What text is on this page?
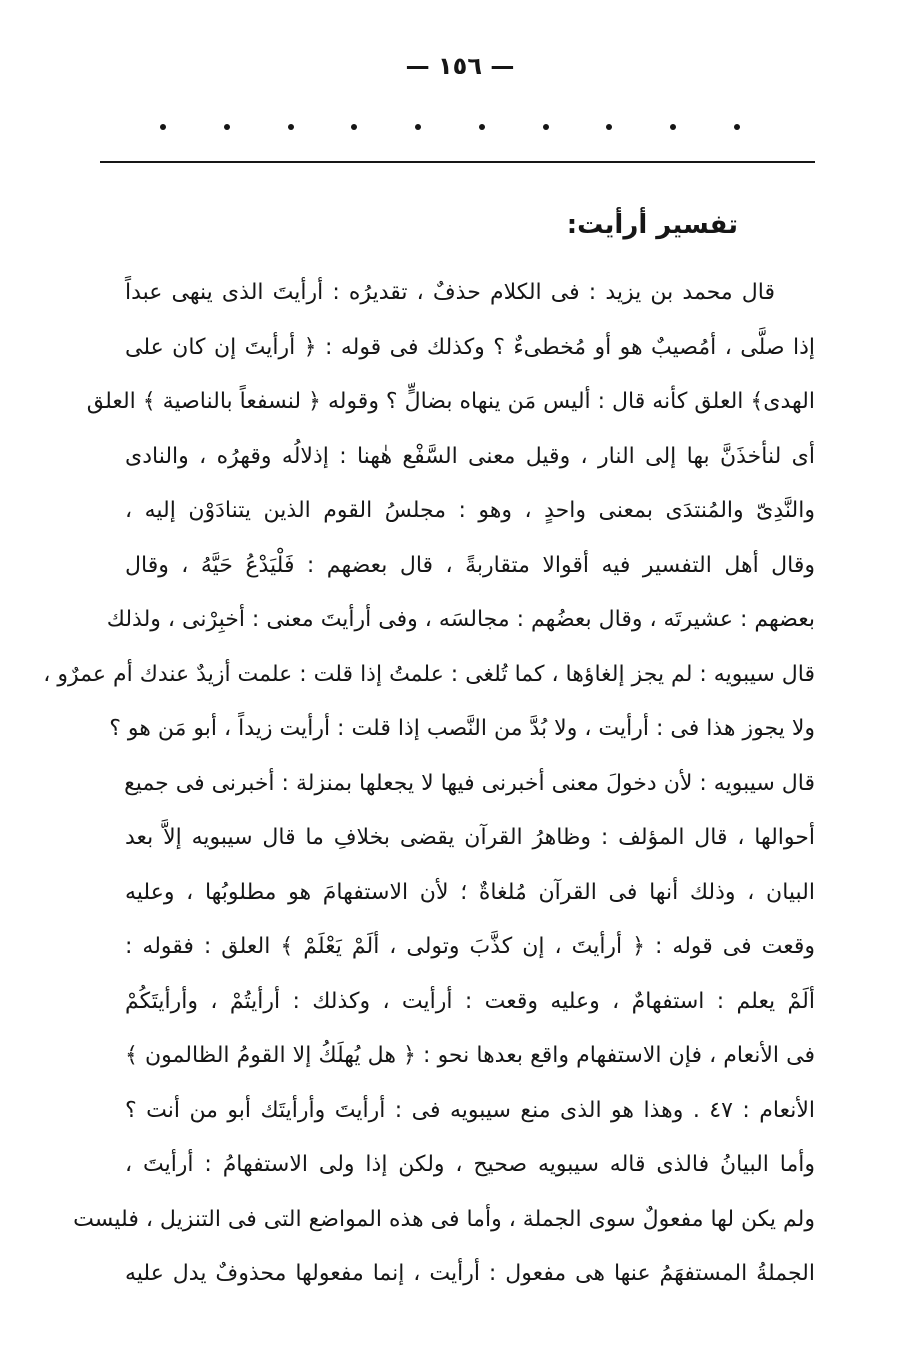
— ١٥٦ —
تفسير أرأيت:
قال محمد بن يزيد : فى الكلام حذفٌ ، تقديرُه : أرأيتَ الذى ينهى عبداً
إذا صلَّى ، أمُصيبٌ هو أو مُخطىءٌ ؟ وكذلك فى قوله : ﴿ أرأيتَ إن كان على
الهدى﴾ العلق كأنه قال : أليس مَن ينهاه بضالٍّ ؟ وقوله ﴿ لنسفعاً بالناصية ﴾ العلق
أى لنأخذَنَّ بها إلى النار ، وقيل معنى السَّفْع هٰهنا : إذلالُه وقهرُه ، والنادى
والنَّدِىّ والمُنتدَى بمعنى واحدٍ ، وهو : مجلسُ القوم الذين يتنادَوْن إليه ،
وقال أهل التفسير فيه أقوالا متقاربةً ، قال بعضهم : فَلْيَدْعُ حَيَّهُ ، وقال
بعضهم : عشيرتَه ، وقال بعضُهم : مجالسَه ، وفى أرأيتَ معنى : أخبِرْنى ، ولذلك
قال سيبويه : لم يجز إلغاؤها ، كما تُلغى : علمتُ إذا قلت : علمت أزيدٌ عندك أم عمرٌو ،
ولا يجوز هذا فى : أرأيت ، ولا بُدَّ من النَّصب إذا قلت : أرأيت زيداً ، أبو مَن هو ؟
قال سيبويه : لأن دخولَ معنى أخبرنى فيها لا يجعلها بمنزلة : أخبرنى فى جميع
أحوالها ، قال المؤلف : وظاهرُ القرآن يقضى بخلافِ ما قال سيبويه إلاَّ بعد
البيان ، وذلك أنها فى القرآن مُلغاةٌ ؛ لأن الاستفهامَ هو مطلوبُها ، وعليه
وقعت فى قوله : ﴿ أرأيتَ ، إن كذَّبَ وتولى ، ألَمْ يَعْلَمْ ﴾ العلق : فقوله :
ألَمْ يعلم : استفهامٌ ، وعليه وقعت : أرأيت ، وكذلك : أرأيتُمْ ، وأرأيتَكُمْ
فى الأنعام ، فإن الاستفهام واقع بعدها نحو : ﴿ هل يُهلَكُ إلا القومُ الظالمون ﴾
الأنعام : ٤٧ . وهذا هو الذى منع سيبويه فى : أرأيتَ وأرأيتَك أبو من أنت ؟
وأما البيانُ فالذى قاله سيبويه صحيح ، ولكن إذا ولى الاستفهامُ : أرأيتَ ،
ولم يكن لها مفعولٌ سوى الجملة ، وأما فى هذه المواضع التى فى التنزيل ، فليست
الجملةُ المستفهَمُ عنها هى مفعول : أرأيت ، إنما مفعولها محذوفٌ يدل عليه
